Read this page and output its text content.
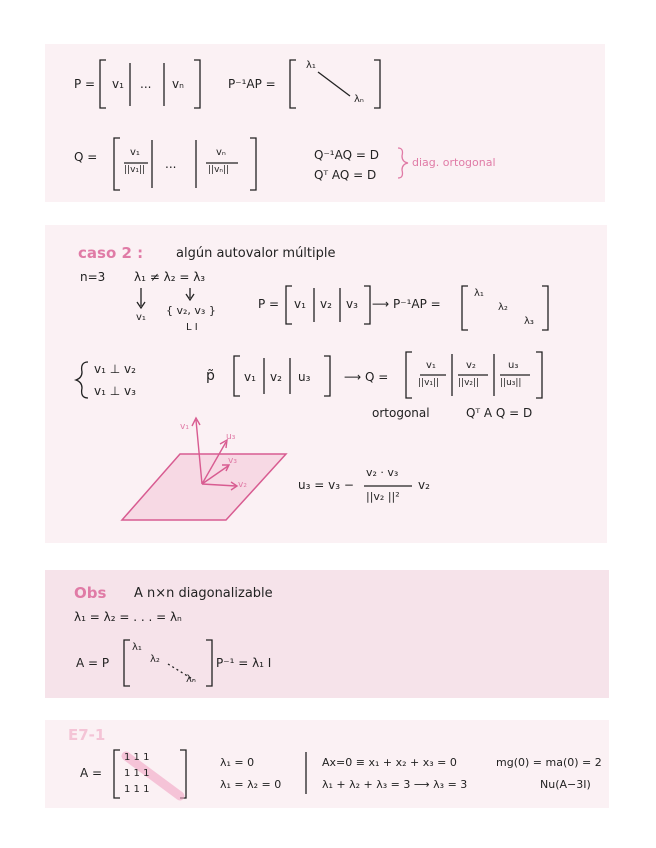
P = v₁ ... vₙ	P⁻¹AP =
λ₁
λₙ
Q =	v₁
||v₁|| ...
vₙ
||vₙ||
Q⁻¹AQ = D
Qᵀ AQ = D
diag. ortogonal
caso 2 :	algún autovalor múltiple
n=3 λ₁ ≠ λ₂ = λ₃
v₁
{ v₂, v₃ }
L I
P = v₁ v₂ v₃ ⟶ P⁻¹AP =
λ₁
λ₂
λ₃
v₁ ⊥ v₂
v₁ ⊥ v₃
p̃ v₁ v₂ u₃	⟶ Q =
v₁
||v₁||
v₂
||v₂||
u₃
||u₃||
ortogonal	Qᵀ A Q = D
v₁
u₃
v₃
v₂	u₃ = v₃ −
v₂ · v₃
||v₂ ||²
v₂
Obs A n×n diagonalizable
λ₁ = λ₂ = . . . = λₙ
A = P
λ₁
λ₂
λₙ
P⁻¹ = λ₁ I
E7-1
A =
1 1 1
1 1 1
1 1 1
λ₁ = 0
λ₁ = λ₂ = 0
Ax=0 ≡ x₁ + x₂ + x₃ = 0
λ₁ + λ₂ + λ₃ = 3 ⟶ λ₃ = 3
mg(0) = ma(0) = 2
Nu(A−3I)
